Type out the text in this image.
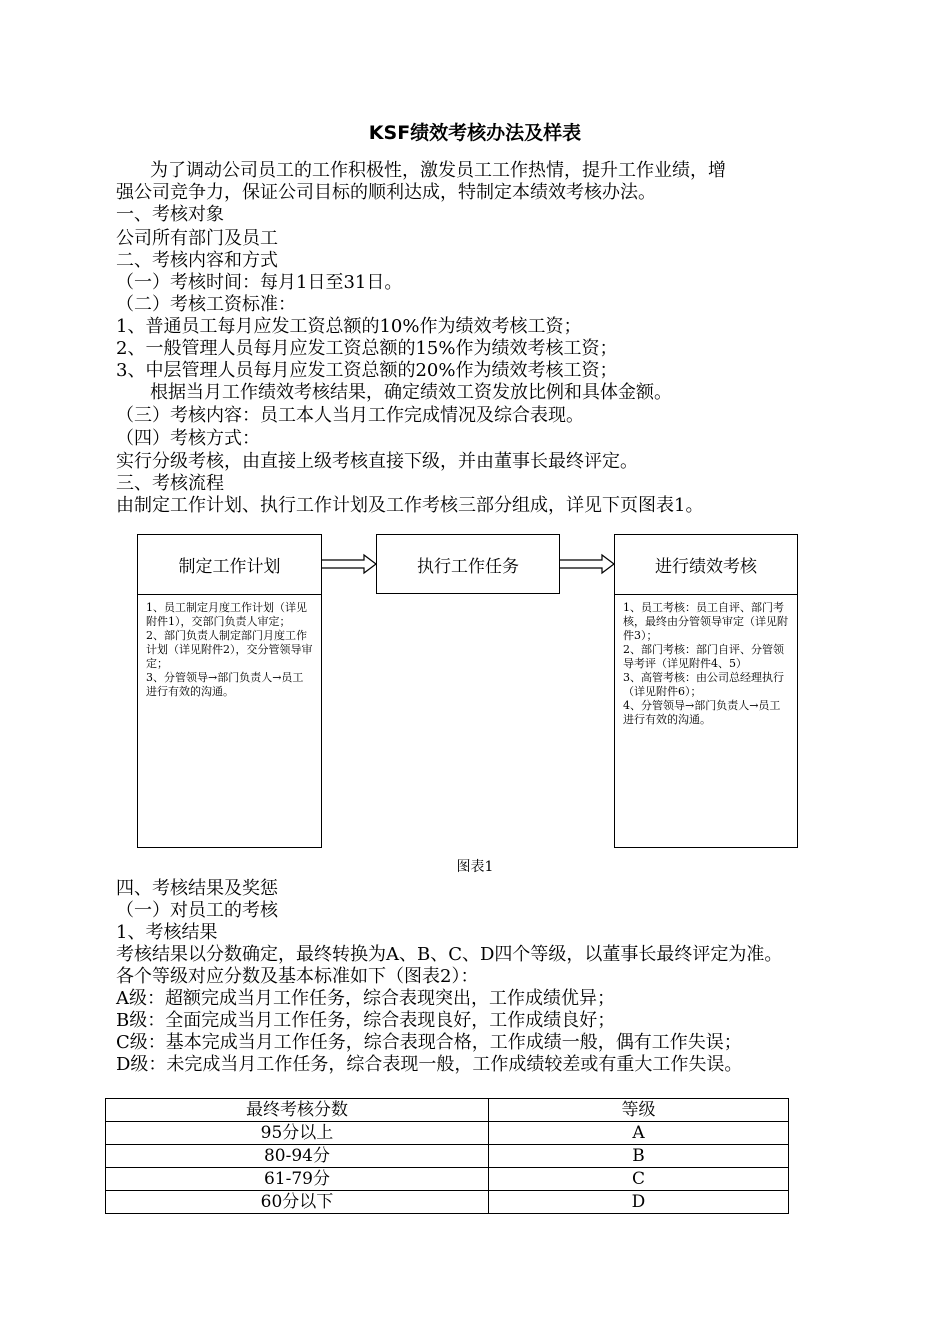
KSF绩效考核办法及样表
为了调动公司员工的工作积极性，激发员工工作热情，提升工作业绩，增
强公司竞争力，保证公司目标的顺利达成，特制定本绩效考核办法。
一、考核对象
公司所有部门及员工
二、考核内容和方式
（一）考核时间：每月1日至31日。
（二）考核工资标准：
1、普通员工每月应发工资总额的10%作为绩效考核工资；
2、一般管理人员每月应发工资总额的15%作为绩效考核工资；
3、中层管理人员每月应发工资总额的20%作为绩效考核工资；
根据当月工作绩效考核结果，确定绩效工资发放比例和具体金额。
（三）考核内容：员工本人当月工作完成情况及综合表现。
（四）考核方式：
实行分级考核，由直接上级考核直接下级，并由董事长最终评定。
三、考核流程
由制定工作计划、执行工作计划及工作考核三部分组成，详见下页图表1。
制定工作计划
1、员工制定月度工作计划（详见附件1），交部门负责人审定；
2、部门负责人制定部门月度工作计划（详见附件2），交分管领导审定；
3、分管领导→部门负责人→员工进行有效的沟通。
执行工作任务	进行绩效考核
1、员工考核：员工自评、部门考核，最终由分管领导审定（详见附件3）；
2、部门考核：部门自评、分管领导考评（详见附件4、5）
3、高管考核：由公司总经理执行（详见附件6）；
4、分管领导→部门负责人→员工进行有效的沟通。
图表1
四、考核结果及奖惩
（一）对员工的考核
1、考核结果
考核结果以分数确定，最终转换为A、B、C、D四个等级，以董事长最终评定为准。
各个等级对应分数及基本标准如下（图表2）：
A级：超额完成当月工作任务，综合表现突出，工作成绩优异；
B级：全面完成当月工作任务，综合表现良好，工作成绩良好；
C级：基本完成当月工作任务，综合表现合格，工作成绩一般，偶有工作失误；
D级：未完成当月工作任务，综合表现一般，工作成绩较差或有重大工作失误。
最终考核分数	等级
95分以上	A
80-94分	B
61-79分	C
60分以下	D
